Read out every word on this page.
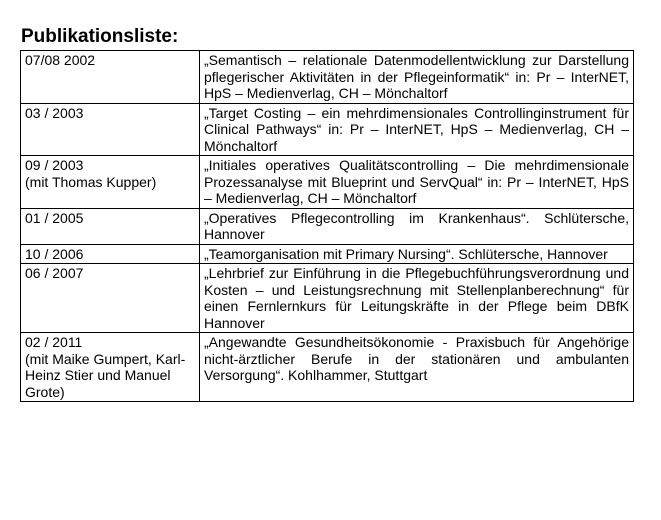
Publikationsliste:
07/08 2002	„Semantisch – relationale Datenmodellentwicklung zur Darstellung pflegerischer Aktivitäten in der Pflegeinformatik“ in: Pr – InterNET, HpS – Medienverlag, CH – Mönchaltorf

03 / 2003	„Target Costing – ein mehrdimensionales Controllinginstrument für Clinical Pathways“ in: Pr – InterNET, HpS – Medienverlag, CH – Mönchaltorf

09 / 2003
(mit Thomas Kupper)	„Initiales operatives Qualitätscontrolling – Die mehrdimensionale Prozessanalyse mit Blueprint und ServQual“ in: Pr – InterNET, HpS – Medienverlag, CH – Mönchaltorf

01 / 2005	„Operatives Pflegecontrolling im Krankenhaus“. Schlütersche, Hannover

10 / 2006	„Teamorganisation mit Primary Nursing“. Schlütersche, Hannover

06 / 2007	„Lehrbrief zur Einführung in die Pflegebuchführungsverordnung und Kosten – und Leistungsrechnung mit Stellenplanberechnung“ für einen Fernlernkurs für Leitungskräfte in der Pflege beim DBfK Hannover

02 / 2011
(mit Maike Gumpert, Karl-Heinz Stier und Manuel Grote)	„Angewandte Gesundheitsökonomie - Praxisbuch für Angehörige nicht-ärztlicher Berufe in der stationären und ambulanten Versorgung“. Kohlhammer, Stuttgart
